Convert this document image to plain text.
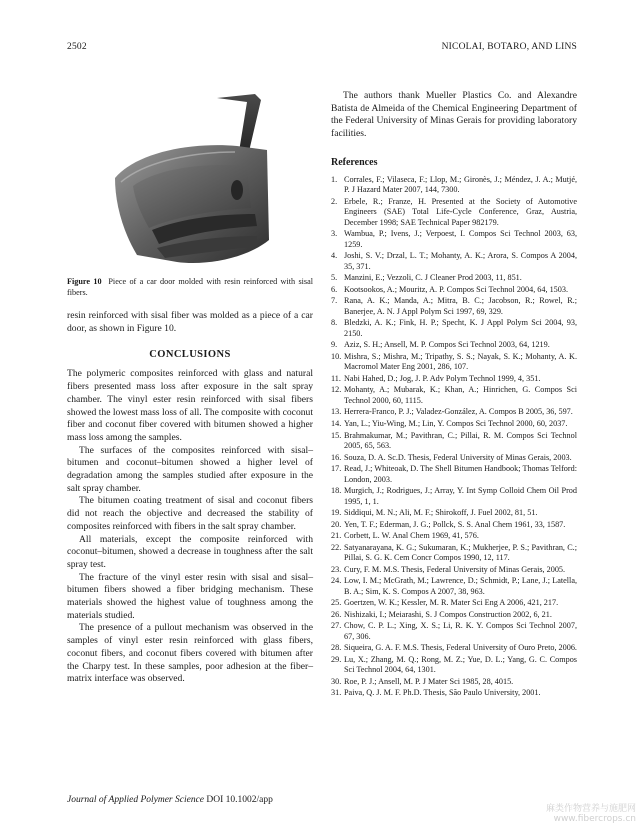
2502	NICOLAI, BOTARO, AND LINS

Figure 10 Piece of a car door molded with resin reinforced with sisal fibers.

resin reinforced with sisal fiber was molded as a piece of a car door, as shown in Figure 10.

CONCLUSIONS

The polymeric composites reinforced with glass and natural fibers presented mass loss after exposure in the salt spray chamber. The vinyl ester resin reinforced with sisal fibers showed the lowest mass loss of all. The composite with coconut fiber and coconut fiber covered with bitumen showed a higher mass loss among the samples.

The surfaces of the composites reinforced with sisal–bitumen and coconut–bitumen showed a higher level of degradation among the samples studied after exposure in the salt spray chamber.

The bitumen coating treatment of sisal and coconut fibers did not reach the objective and decreased the stability of composites reinforced with fibers in the salt spray chamber.

All materials, except the composite reinforced with coconut–bitumen, showed a decrease in toughness after the salt spray test.

The fracture of the vinyl ester resin with sisal and sisal–bitumen fibers showed a fiber bridging mechanism. These materials showed the highest value of toughness among the materials studied.

The presence of a pullout mechanism was observed in the samples of vinyl ester resin reinforced with glass fibers, coconut fibers, and coconut fibers covered with bitumen after the Charpy test. In these samples, poor adhesion at the fiber–matrix interface was observed.

The authors thank Mueller Plastics Co. and Alexandre Batista de Almeida of the Chemical Engineering Department of the Federal University of Minas Gerais for providing laboratory facilities.

References
1. Corrales, F.; Vilaseca, F.; Llop, M.; Gironès, J.; Méndez, J. A.; Mutjé, P. J Hazard Mater 2007, 144, 7300.
2. Erbele, R.; Franze, H. Presented at the Society of Automotive Engineers (SAE) Total Life-Cycle Conference, Graz, Austria, December 1998; SAE Technical Paper 982179.
3. Wambua, P.; Ivens, J.; Verpoest, I. Compos Sci Technol 2003, 63, 1259.
4. Joshi, S. V.; Drzal, L. T.; Mohanty, A. K.; Arora, S. Compos A 2004, 35, 371.
5. Manzini, E.; Vezzoli, C. J Cleaner Prod 2003, 11, 851.
6. Kootsookos, A.; Mouritz, A. P. Compos Sci Technol 2004, 64, 1503.
7. Rana, A. K.; Manda, A.; Mitra, B. C.; Jacobson, R.; Rowel, R.; Banerjee, A. N. J Appl Polym Sci 1997, 69, 329.
8. Bledzki, A. K.; Fink, H. P.; Specht, K. J Appl Polym Sci 2004, 93, 2150.
9. Aziz, S. H.; Ansell, M. P. Compos Sci Technol 2003, 64, 1219.
10. Mishra, S.; Mishra, M.; Tripathy, S. S.; Nayak, S. K.; Mohanty, A. K. Macromol Mater Eng 2001, 286, 107.
11. Nabi Hahed, D.; Jog, J. P. Adv Polym Technol 1999, 4, 351.
12. Mohanty, A.; Mubarak, K.; Khan, A.; Hinrichen, G. Compos Sci Technol 2000, 60, 1115.
13. Herrera-Franco, P. J.; Valadez-González, A. Compos B 2005, 36, 597.
14. Yan, L.; Yiu-Wing, M.; Lin, Y. Compos Sci Technol 2000, 60, 2037.
15. Brahmakumar, M.; Pavithran, C.; Pillai, R. M. Compos Sci Technol 2005, 65, 563.
16. Souza, D. A. Sc.D. Thesis, Federal University of Minas Gerais, 2003.
17. Read, J.; Whiteoak, D. The Shell Bitumen Handbook; Thomas Telford: London, 2003.
18. Murgich, J.; Rodrigues, J.; Array, Y. Int Symp Colloid Chem Oil Prod 1995, 1, 1.
19. Siddiqui, M. N.; Ali, M. F.; Shirokoff, J. Fuel 2002, 81, 51.
20. Yen, T. F.; Ederman, J. G.; Pollck, S. S. Anal Chem 1961, 33, 1587.
21. Corbett, L. W. Anal Chem 1969, 41, 576.
22. Satyanarayana, K. G.; Sukumaran, K.; Mukherjee, P. S.; Pavithran, C.; Pillai, S. G. K. Cem Concr Compos 1990, 12, 117.
23. Cury, F. M. M.S. Thesis, Federal University of Minas Gerais, 2005.
24. Low, I. M.; McGrath, M.; Lawrence, D.; Schmidt, P.; Lane, J.; Latella, B. A.; Sim, K. S. Compos A 2007, 38, 963.
25. Goertzen, W. K.; Kessler, M. R. Mater Sci Eng A 2006, 421, 217.
26. Nishizaki, I.; Meiarashi, S. J Compos Construction 2002, 6, 21.
27. Chow, C. P. L.; Xing, X. S.; Li, R. K. Y. Compos Sci Technol 2007, 67, 306.
28. Siqueira, G. A. F. M.S. Thesis, Federal University of Ouro Preto, 2006.
29. Lu, X.; Zhang, M. Q.; Rong, M. Z.; Yue, D. L.; Yang, G. C. Compos Sci Technol 2004, 64, 1301.
30. Roe, P. J.; Ansell, M. P. J Mater Sci 1985, 28, 4015.
31. Paiva, Q. J. M. F. Ph.D. Thesis, São Paulo University, 2001.
Journal of Applied Polymer Science DOI 10.1002/app
麻类作物营养与施肥网
www.fibercrops.cn
